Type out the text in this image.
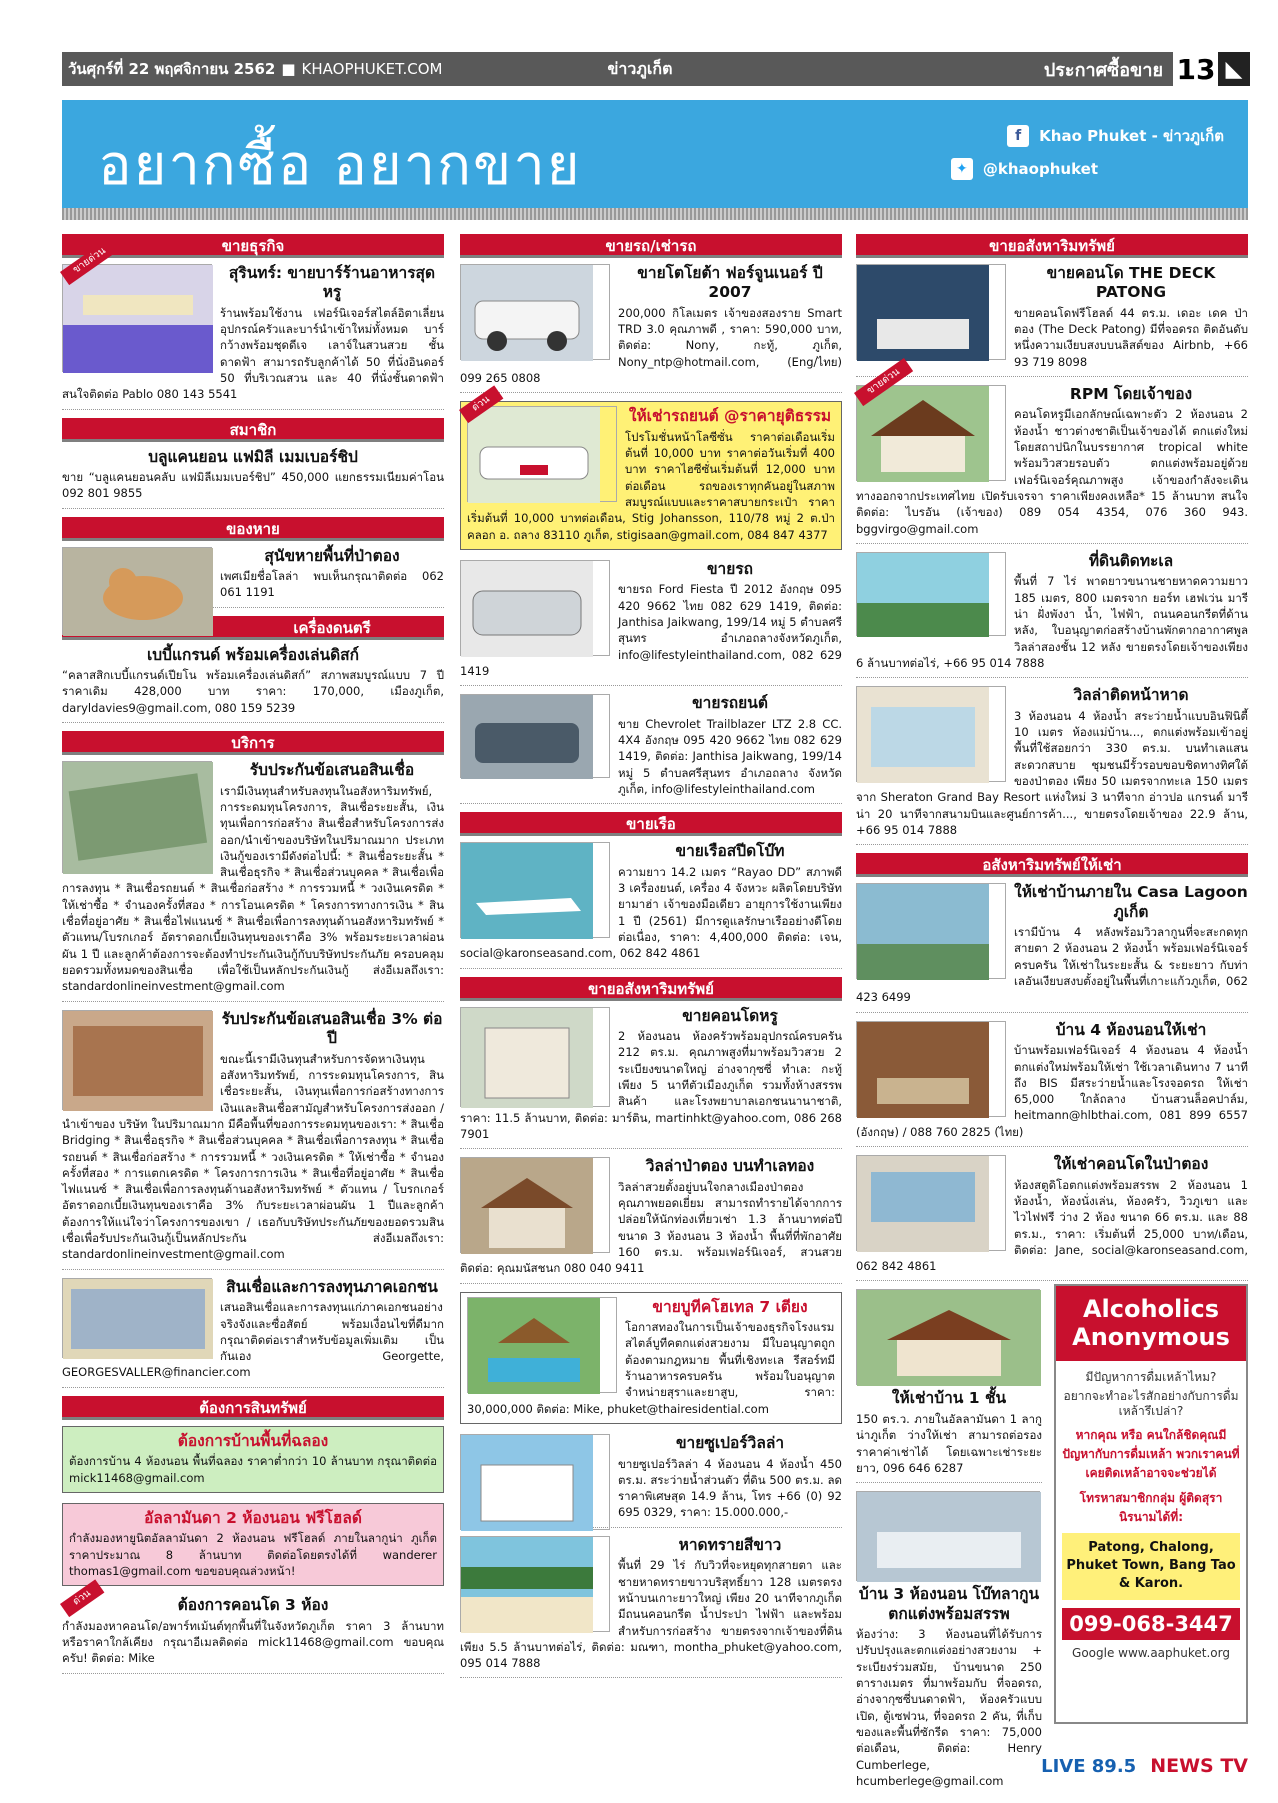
วันศุกร์ที่ 22 พฤศจิกายน 2562 ■ KHAOPHUKET.COM	ข่าวภูเก็ต	ประกาศซื้อขาย 13 ◣
อยากซื้อ อยากขาย	f	Khao Phuket - ข่าวภูเก็ต
✦	@khaophuket
ขายธุรกิจ
ขายด่วน	สุรินทร์: ขายบาร์ร้านอาหารสุดหรู

ร้านพร้อมใช้งาน เฟอร์นิเจอร์สไตล์อิตาเลี่ยน อุปกรณ์ครัวและบาร์นำเข้าใหม่ทั้งหมด บาร์กว้างพร้อมชุดดีเจ เลาจ์ในสวนสวย ชั้นดาดฟ้า สามารถรับลูกค้าได้ 50 ที่นั่งอินดอร์ 50 ที่บริเวณสวน และ 40 ที่นั่งชั้นดาดฟ้า สนใจติดต่อ Pablo 080 143 5541

สมาชิก
บลูแคนยอน แฟมิลี เมมเบอร์ชิป

ขาย “บลูแคนยอนคลับ แฟมิลีเมมเบอร์ชิป” 450,000 แยกธรรมเนียมค่าโอน 092 801 9855

ของหาย
สุนัขหายพื้นที่ป่าตอง

เพศเมียชื่อโลล่า พบเห็นกรุณาติดต่อ 062 061 1191

เครื่องดนตรี
เบบี้แกรนด์ พร้อมเครื่องเล่นดิสก์

“คลาสสิกเบบี้แกรนด์เปียโน พร้อมเครื่องเล่นดิสก์” สภาพสมบูรณ์แบบ 7 ปี ราคาเดิม 428,000 บาท ราคา: 170,000, เมืองภูเก็ต, daryldavies9@gmail.com, 080 159 5239

บริการ
รับประกันข้อเสนอสินเชื่อ

เรามีเงินทุนสำหรับลงทุนในอสังหาริมทรัพย์, การระดมทุนโครงการ, สินเชื่อระยะสั้น, เงินทุนเพื่อการก่อสร้าง สินเชื่อสำหรับโครงการส่งออก/นำเข้าของบริษัทในปริมาณมาก ประเภทเงินกู้ของเรามีดังต่อไปนี้: * สินเชื่อระยะสั้น * สินเชื่อธุรกิจ * สินเชื่อส่วนบุคคล * สินเชื่อเพื่อการลงทุน * สินเชื่อรถยนต์ * สินเชื่อก่อสร้าง * การรวมหนี้ * วงเงินเครดิต * ให้เช่าซื้อ * จำนองครั้งที่สอง * การโอนเครดิต * โครงการทางการเงิน * สินเชื่อที่อยู่อาศัย * สินเชื่อไฟแนนซ์ * สินเชื่อเพื่อการลงทุนด้านอสังหาริมทรัพย์ * ตัวแทน/โบรกเกอร์ อัตราดอกเบี้ยเงินทุนของเราคือ 3% พร้อมระยะเวลาผ่อนผัน 1 ปี และลูกค้าต้องการจะต้องทำประกันเงินกู้กับบริษัทประกันภัย ครอบคลุมยอดรวมทั้งหมดของสินเชื่อ เพื่อใช้เป็นหลักประกันเงินกู้ ส่งอีเมลถึงเรา: standardonlineinvestment@gmail.com

รับประกันข้อเสนอสินเชื่อ 3% ต่อปี

ขณะนี้เรามีเงินทุนสำหรับการจัดหาเงินทุนอสังหาริมทรัพย์, การระดมทุนโครงการ, สินเชื่อระยะสั้น, เงินทุนเพื่อการก่อสร้างทางการเงินและสินเชื่อสามัญสำหรับโครงการส่งออก / นำเข้าของ บริษัท ในปริมาณมาก มีคือพื้นที่ของการระดมทุนของเรา: * สินเชื่อ Bridging * สินเชื่อธุรกิจ * สินเชื่อส่วนบุคคล * สินเชื่อเพื่อการลงทุน * สินเชื่อรถยนต์ * สินเชื่อก่อสร้าง * การรวมหนี้ * วงเงินเครดิต * ให้เช่าซื้อ * จำนองครั้งที่สอง * การแตกเครดิต * โครงการการเงิน * สินเชื่อที่อยู่อาศัย * สินเชื่อไฟแนนซ์ * สินเชื่อเพื่อการลงทุนด้านอสังหาริมทรัพย์ * ตัวแทน / โบรกเกอร์ อัตราดอกเบี้ยเงินทุนของเราคือ 3% กับระยะเวลาผ่อนผัน 1 ปีและลูกค้าต้องการให้แน่ใจว่าโครงการของเขา / เธอกับบริษัทประกันภัยของยอดรวมสินเชื่อเพื่อรับประกันเงินกู้เป็นหลักประกัน ส่งอีเมลถึงเรา: standardonlineinvestment@gmail.com

สินเชื่อและการลงทุนภาคเอกชน

เสนอสินเชื่อและการลงทุนแก่ภาคเอกชนอย่างจริงจังและซื่อสัตย์ พร้อมเงื่อนไขที่ดีมาก กรุณาติดต่อเราสำหรับข้อมูลเพิ่มเติม เป็นกันเอง Georgette, GEORGESVALLER@financier.com

ต้องการสินทรัพย์
ต้องการบ้านพื้นที่ฉลอง

ต้องการบ้าน 4 ห้องนอน พื้นที่ฉลอง ราคาต่ำกว่า 10 ล้านบาท กรุณาติดต่อ mick11468@gmail.com

อัลลามันดา 2 ห้องนอน ฟรีโฮลด์

กำลังมองหายูนิตอัลลามันดา 2 ห้องนอน ฟรีโฮลด์ ภายในลากูน่า ภูเก็ต ราคาประมาณ 8 ล้านบาท ติดต่อโดยตรงได้ที่ wanderer thomas1@gmail.com ขอขอบคุณล่วงหน้า!

ด่วน	ต้องการคอนโด 3 ห้อง

กำลังมองหาคอนโด/อพาร์ทเม้นต์ทุกพื้นที่ในจังหวัดภูเก็ต ราคา 3 ล้านบาท หรือราคาใกล้เคียง กรุณาอีเมลติดต่อ mick11468@gmail.com ขอบคุณครับ! ติดต่อ: Mike

ขายรถ/เช่ารถ
ขายโตโยต้า ฟอร์จูนเนอร์ ปี 2007

200,000 กิโลเมตร เจ้าของสองราย Smart TRD 3.0 คุณภาพดี , ราคา: 590,000 บาท, ติดต่อ: Nony, กะทู้, ภูเก็ต, Nony_ntp@hotmail.com, (Eng/ไทย) 099 265 0808

ด่วน
ให้เช่ารถยนต์ @ราคายุติธรรม

โปรโมชั่นหน้าโลซีซั่น ราคาต่อเดือนเริ่มต้นที่ 10,000 บาท ราคาต่อวันเริ่มที่ 400 บาท ราคาไฮซีซั่นเริ่มต้นที่ 12,000 บาทต่อเดือน รถของเราทุกคันอยู่ในสภาพสมบูรณ์แบบและราคาสบายกระเป๋า ราคาเริ่มต้นที่ 10,000 บาทต่อเดือน, Stig Johansson, 110/78 หมู่ 2 ต.ป่าคลอก อ. ถลาง 83110 ภูเก็ต, stigisaan@gmail.com, 084 847 4377

ขายรถ

ขายรถ Ford Fiesta ปี 2012 อังกฤษ 095 420 9662 ไทย 082 629 1419, ติดต่อ: Janthisa Jaikwang, 199/14 หมู่ 5 ตำบลศรีสุนทร อำเภอถลางจังหวัดภูเก็ต, info@lifestyleinthailand.com, 082 629 1419

ขายรถยนต์

ขาย Chevrolet Trailblazer LTZ 2.8 CC. 4X4 อังกฤษ 095 420 9662 ไทย 082 629 1419, ติดต่อ: Janthisa Jaikwang, 199/14 หมู่ 5 ตำบลศรีสุนทร อำเภอถลาง จังหวัดภูเก็ต, info@lifestyleinthailand.com

ขายเรือ
ขายเรือสปีดโบ๊ท

ความยาว 14.2 เมตร “Rayao DD” สภาพดี 3 เครื่องยนต์, เครื่อง 4 จังหวะ ผลิตโดยบริษัทยามาฮ่า เจ้าของมือเดียว อายุการใช้งานเพียง 1 ปี (2561) มีการดูแลรักษาเรืออย่างดีโดยต่อเนื่อง, ราคา: 4,400,000 ติดต่อ: เจน, social@karonseasand.com, 062 842 4861

ขายอสังหาริมทรัพย์
ขายคอนโดหรู

2 ห้องนอน ห้องครัวพร้อมอุปกรณ์ครบครัน 212 ตร.ม. คุณภาพสูงที่มาพร้อมวิวสวย 2 ระเบียงขนาดใหญ่ อ่างจากุซซี่ ทำเล: กะทู้ เพียง 5 นาทีตัวเมืองภูเก็ต รวมทั้งห้างสรรพสินค้า และโรงพยาบาลเอกชนนานาชาติ, ราคา: 11.5 ล้านบาท, ติดต่อ: มาร์ติน, martinhkt@yahoo.com, 086 268 7901

วิลล่าป่าตอง บนทำเลทอง

วิลล่าสวยตั้งอยู่บนใจกลางเมืองป่าตอง คุณภาพยอดเยี่ยม สามารถทำรายได้จากการปล่อยให้นักท่องเที่ยวเช่า 1.3 ล้านบาทต่อปี ขนาด 3 ห้องนอน 3 ห้องน้ำ พื้นที่ที่พักอาศัย 160 ตร.ม. พร้อมเฟอร์นิเจอร์, สวนสวย ติดต่อ: คุณมนัสชนก 080 040 9411

ขายบูทีคโฮเทล 7 เตียง

โอกาสทองในการเป็นเจ้าของธุรกิจโรงแรมสไตล์บูทีคตกแต่งสวยงาม มีใบอนุญาตถูกต้องตามกฎหมาย พื้นที่เชิงทะเล รีสอร์ทมีร้านอาหารครบครัน พร้อมใบอนุญาตจำหน่ายสุราและยาสูบ, ราคา: 30,000,000 ติดต่อ: Mike, phuket@thairesidential.com

ขายซูเปอร์วิลล่า

ขายซูเปอร์วิลล่า 4 ห้องนอน 4 ห้องน้ำ 450 ตร.ม. สระว่ายน้ำส่วนตัว ที่ดิน 500 ตร.ม. ลดราคาพิเศษสุด 14.9 ล้าน, โทร +66 (0) 92 695 0329, ราคา: 15.000.000,-

หาดทรายสีขาว

พื้นที่ 29 ไร่ กับวิวที่จะหยุดทุกสายตา และชายหาดทรายขาวบริสุทธิ์ยาว 128 เมตรตรงหน้าบนเกาะยาวใหญ่ เพียง 20 นาทีจากภูเก็ต มีถนนคอนกรีต น้ำประปา ไฟฟ้า และพร้อมสำหรับการก่อสร้าง ขายตรงจากเจ้าของที่ดิน เพียง 5.5 ล้านบาทต่อไร่, ติดต่อ: มณฑา, montha_phuket@yahoo.com, 095 014 7888

ขายอสังหาริมทรัพย์
ขายคอนโด THE DECK PATONG

ขายคอนโดฟรีโฮลด์ 44 ตร.ม. เดอะ เดค ป่าตอง (The Deck Patong) มีที่จอดรถ ติดอันดับหนึ่งความเงียบสงบบนลิสต์ของ Airbnb, +66 93 719 8098

ขายด่วน	RPM โดยเจ้าของ

คอนโดหรูมีเอกลักษณ์เฉพาะตัว 2 ห้องนอน 2 ห้องน้ำ ชาวต่างชาติเป็นเจ้าของได้ ตกแต่งใหม่โดยสถาปนิกในบรรยากาศ tropical white พร้อมวิวสวยรอบตัว ตกแต่งพร้อมอยู่ด้วยเฟอร์นิเจอร์คุณภาพสูง เจ้าของกำลังจะเดินทางออกจากประเทศไทย เปิดรับเจรจา ราคาเพียงคงเหลือ* 15 ล้านบาท สนใจติดต่อ: ไบรอัน (เจ้าของ) 089 054 4354, 076 360 943. bggvirgo@gmail.com

ที่ดินติดทะเล

พื้นที่ 7 ไร่ พาดยาวขนานชายหาดความยาว 185 เมตร, 800 เมตรจาก ยอร์ท เฮฟเว่น มารีน่า ฝั่งพังงา น้ำ, ไฟฟ้า, ถนนคอนกรีตที่ด้านหลัง, ใบอนุญาตก่อสร้างบ้านพักตากอากาศพูลวิลล่าสองชั้น 12 หลัง ขายตรงโดยเจ้าของเพียง 6 ล้านบาทต่อไร่, +66 95 014 7888

วิลล่าติดหน้าหาด

3 ห้องนอน 4 ห้องน้ำ สระว่ายน้ำแบบอินฟินิตี้ 10 เมตร ห้องแม่บ้าน..., ตกแต่งพร้อมเข้าอยู่ พื้นที่ใช้สอยกว่า 330 ตร.ม. บนทำเลแสนสะดวกสบาย ชุมชนมีรั้วรอบขอบชิดทางทิศใต้ของป่าตอง เพียง 50 เมตรจากทะเล 150 เมตรจาก Sheraton Grand Bay Resort แห่งใหม่ 3 นาทีจาก อ่าวปอ แกรนด์ มารีน่า 20 นาทีจากสนามบินและศูนย์การค้า..., ขายตรงโดยเจ้าของ 22.9 ล้าน, +66 95 014 7888

อสังหาริมทรัพย์ให้เช่า
ให้เช่าบ้านภายใน Casa Lagoon ภูเก็ต

เรามีบ้าน 4 หลังพร้อมวิวลากูนที่จะสะกดทุกสายตา 2 ห้องนอน 2 ห้องน้ำ พร้อมเฟอร์นิเจอร์ครบครัน ให้เช่าในระยะสั้น & ระยะยาว กับท่าเลอันเงียบสงบตั้งอยู่ในพื้นที่เกาะแก้วภูเก็ต, 062 423 6499

บ้าน 4 ห้องนอนให้เช่า

บ้านพร้อมเฟอร์นิเจอร์ 4 ห้องนอน 4 ห้องน้ำ ตกแต่งใหม่พร้อมให้เช่า ใช้เวลาเดินทาง 7 นาทีถึง BIS มีสระว่ายน้ำและโรงจอดรถ ให้เช่า 65,000 ใกล้ถลาง บ้านสวนล็อคปาล์ม, heitmann@hlbthai.com, 081 899 6557 (อังกฤษ) / 088 760 2825 (ไทย)

ให้เช่าคอนโดในป่าตอง

ห้องสตูดิโอตกแต่งพร้อมสรรพ 2 ห้องนอน 1 ห้องน้ำ, ห้องนั่งเล่น, ห้องครัว, วิวภูเขา และไวไฟฟรี ว่าง 2 ห้อง ขนาด 66 ตร.ม. และ 88 ตร.ม., ราคา: เริ่มต้นที่ 25,000 บาท/เดือน, ติดต่อ: Jane, social@karonseasand.com, 062 842 4861

ให้เช่าบ้าน 1 ชั้น

150 ตร.ว. ภายในอัลลามันดา 1 ลากูน่าภูเก็ต ว่างให้เช่า สามารถต่อรองราคาค่าเช่าได้ โดยเฉพาะเช่าระยะยาว, 096 646 6287

บ้าน 3 ห้องนอน โบ๊ทลากูน ตกแต่งพร้อมสรรพ

ห้องว่าง: 3 ห้องนอนที่ได้รับการปรับปรุงและตกแต่งอย่างสวยงาม + ระเบียงร่วมสมัย, บ้านขนาด 250 ตารางเมตร ที่มาพร้อมกับ ที่จอดรถ, อ่างจากุซซี่บนดาดฟ้า, ห้องครัวแบบเปิด, ตู้เซฟวน, ที่จอดรถ 2 คัน, ที่เก็บของและพื้นที่ซักรีด ราคา: 75,000 ต่อเดือน, ติดต่อ: Henry Cumberlege, hcumberlege@gmail.com

Alcoholics Anonymous
มีปัญหาการดื่มเหล้าไหม?
อยากจะทำอะไรสักอย่างกับการดื่มเหล้ารึเปล่า?
หากคุณ หรือ คนใกล้ชิดคุณมีปัญหากับการดื่มเหล้า พวกเราคนที่เคยติดเหล้าอาจจะช่วยได้
โทรหาสมาชิกกลุ่ม ผู้ติดสุรานิรนามได้ที่:
Patong, Chalong, Phuket Town, Bang Tao & Karon.
099-068-3447
Google www.aaphuket.org
LIVE 89.5 NEWS TV
